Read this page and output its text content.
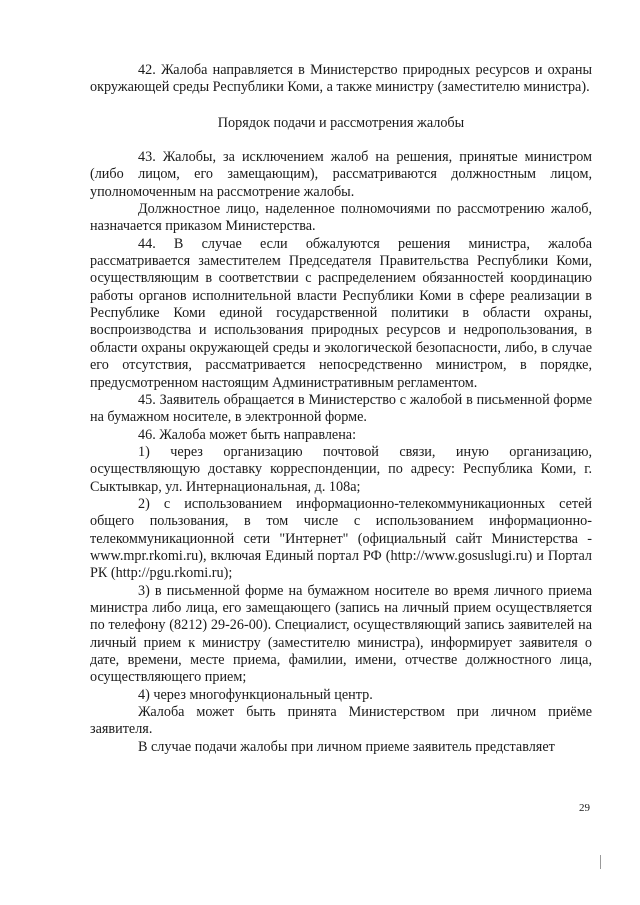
42. Жалоба направляется в Министерство природных ресурсов и охраны окружающей среды Республики Коми, а также министру (заместителю министра).

Порядок подачи и рассмотрения жалобы

43. Жалобы, за исключением жалоб на решения, принятые министром (либо лицом, его замещающим), рассматриваются должностным лицом, уполномоченным на рассмотрение жалобы.

Должностное лицо, наделенное полномочиями по рассмотрению жалоб, назначается приказом Министерства.

44. В случае если обжалуются решения министра, жалоба рассматривается заместителем Председателя Правительства Республики Коми, осуществляющим в соответствии с распределением обязанностей координацию работы органов исполнительной власти Республики Коми в сфере реализации в Республике Коми единой государственной политики в области охраны, воспроизводства и использования природных ресурсов и недропользования, в области охраны окружающей среды и экологической безопасности, либо, в случае его отсутствия, рассматривается непосредственно министром, в порядке, предусмотренном настоящим Административным регламентом.

45. Заявитель обращается в Министерство с жалобой в письменной форме на бумажном носителе, в электронной форме.

46. Жалоба может быть направлена:

1) через организацию почтовой связи, иную организацию, осуществляющую доставку корреспонденции, по адресу: Республика Коми, г. Сыктывкар, ул. Интернациональная, д. 108а;

2) с использованием информационно-телекоммуникационных сетей общего пользования, в том числе с использованием информационно-телекоммуникационной сети "Интернет" (официальный сайт Министерства - www.mpr.rkomi.ru), включая Единый портал РФ (http://www.gosuslugi.ru) и Портал РК (http://pgu.rkomi.ru);

3) в письменной форме на бумажном носителе во время личного приема министра либо лица, его замещающего (запись на личный прием осуществляется по телефону (8212) 29-26-00). Специалист, осуществляющий запись заявителей на личный прием к министру (заместителю министра), информирует заявителя о дате, времени, месте приема, фамилии, имени, отчестве должностного лица, осуществляющего прием;

4) через многофункциональный центр.

Жалоба может быть принята Министерством при личном приёме заявителя.

В случае подачи жалобы при личном приеме заявитель представляет

29
